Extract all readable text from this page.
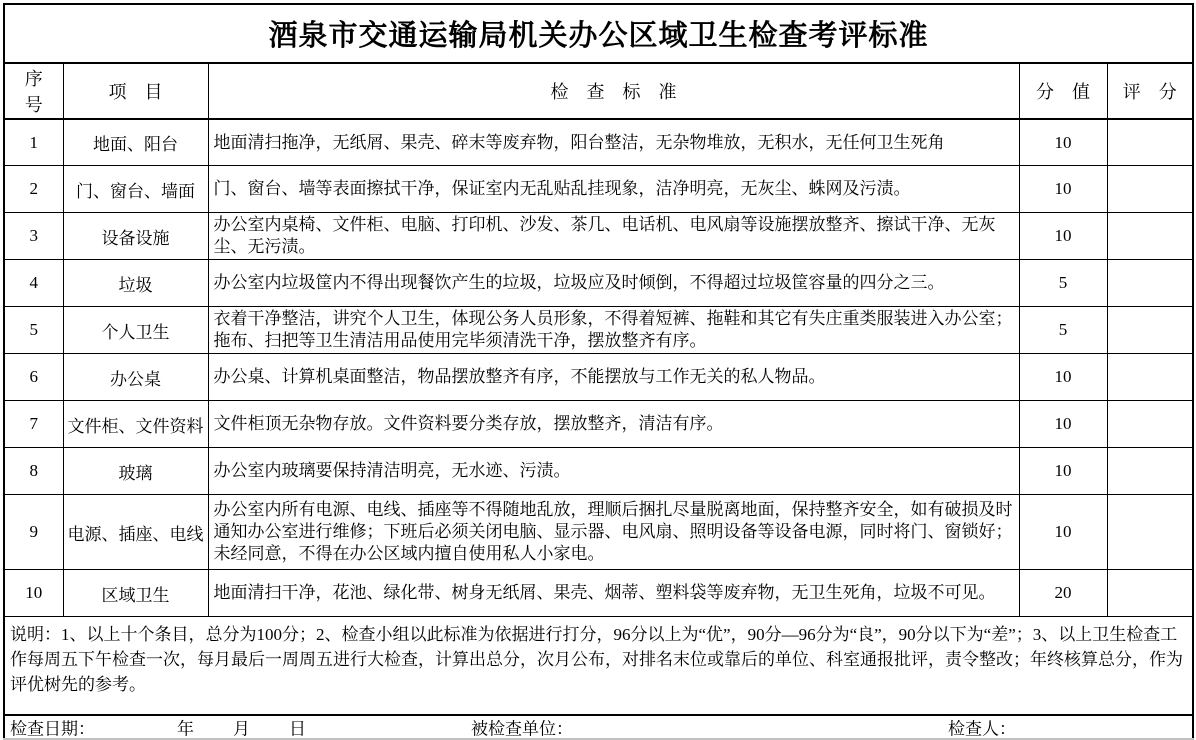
酒泉市交通运输局机关办公区域卫生检查考评标准				
序　号	项　目	检　查　标　准	分　值	评　分
1	地面、阳台	地面清扫拖净，无纸屑、果壳、碎末等废弃物，阳台整洁，无杂物堆放，无积水，无任何卫生死角	10	
2	门、窗台、墙面	门、窗台、墙等表面擦拭干净，保证室内无乱贴乱挂现象，洁净明亮，无灰尘、蛛网及污渍。	10	
3	设备设施	办公室内桌椅、文件柜、电脑、打印机、沙发、茶几、电话机、电风扇等设施摆放整齐、擦试干净、无灰尘、无污渍。	10	
4	垃圾	办公室内垃圾筐内不得出现餐饮产生的垃圾，垃圾应及时倾倒，不得超过垃圾筐容量的四分之三。	5	
5	个人卫生	衣着干净整洁，讲究个人卫生，体现公务人员形象，不得着短裤、拖鞋和其它有失庄重类服装进入办公室；拖布、扫把等卫生清洁用品使用完毕须清洗干净，摆放整齐有序。	5	
6	办公桌	办公桌、计算机桌面整洁，物品摆放整齐有序，不能摆放与工作无关的私人物品。	10	
7	文件柜、文件资料	文件柜顶无杂物存放。文件资料要分类存放，摆放整齐，清洁有序。	10	
8	玻璃	办公室内玻璃要保持清洁明亮，无水迹、污渍。	10	
9	电源、插座、电线	办公室内所有电源、电线、插座等不得随地乱放，理顺后捆扎尽量脱离地面，保持整齐安全，如有破损及时通知办公室进行维修；下班后必须关闭电脑、显示器、电风扇、照明设备等设备电源，同时将门、窗锁好；未经同意，不得在办公区域内擅自使用私人小家电。	10	
10	区域卫生	地面清扫干净，花池、绿化带、树身无纸屑、果壳、烟蒂、塑料袋等废弃物，无卫生死角，垃圾不可见。	20	
说明：1、以上十个条目，总分为100分；2、检查小组以此标准为依据进行打分，96分以上为“优”，90分—96分为“良”，90分以下为“差”；3、以上卫生检查工作每周五下午检查一次，每月最后一周周五进行大检查，计算出总分，次月公布，对排名末位或靠后的单位、科室通报批评，责令整改；年终核算总分，作为评优树先的参考。				

检查日期：	年 月 日	被检查单位：	检查人：
